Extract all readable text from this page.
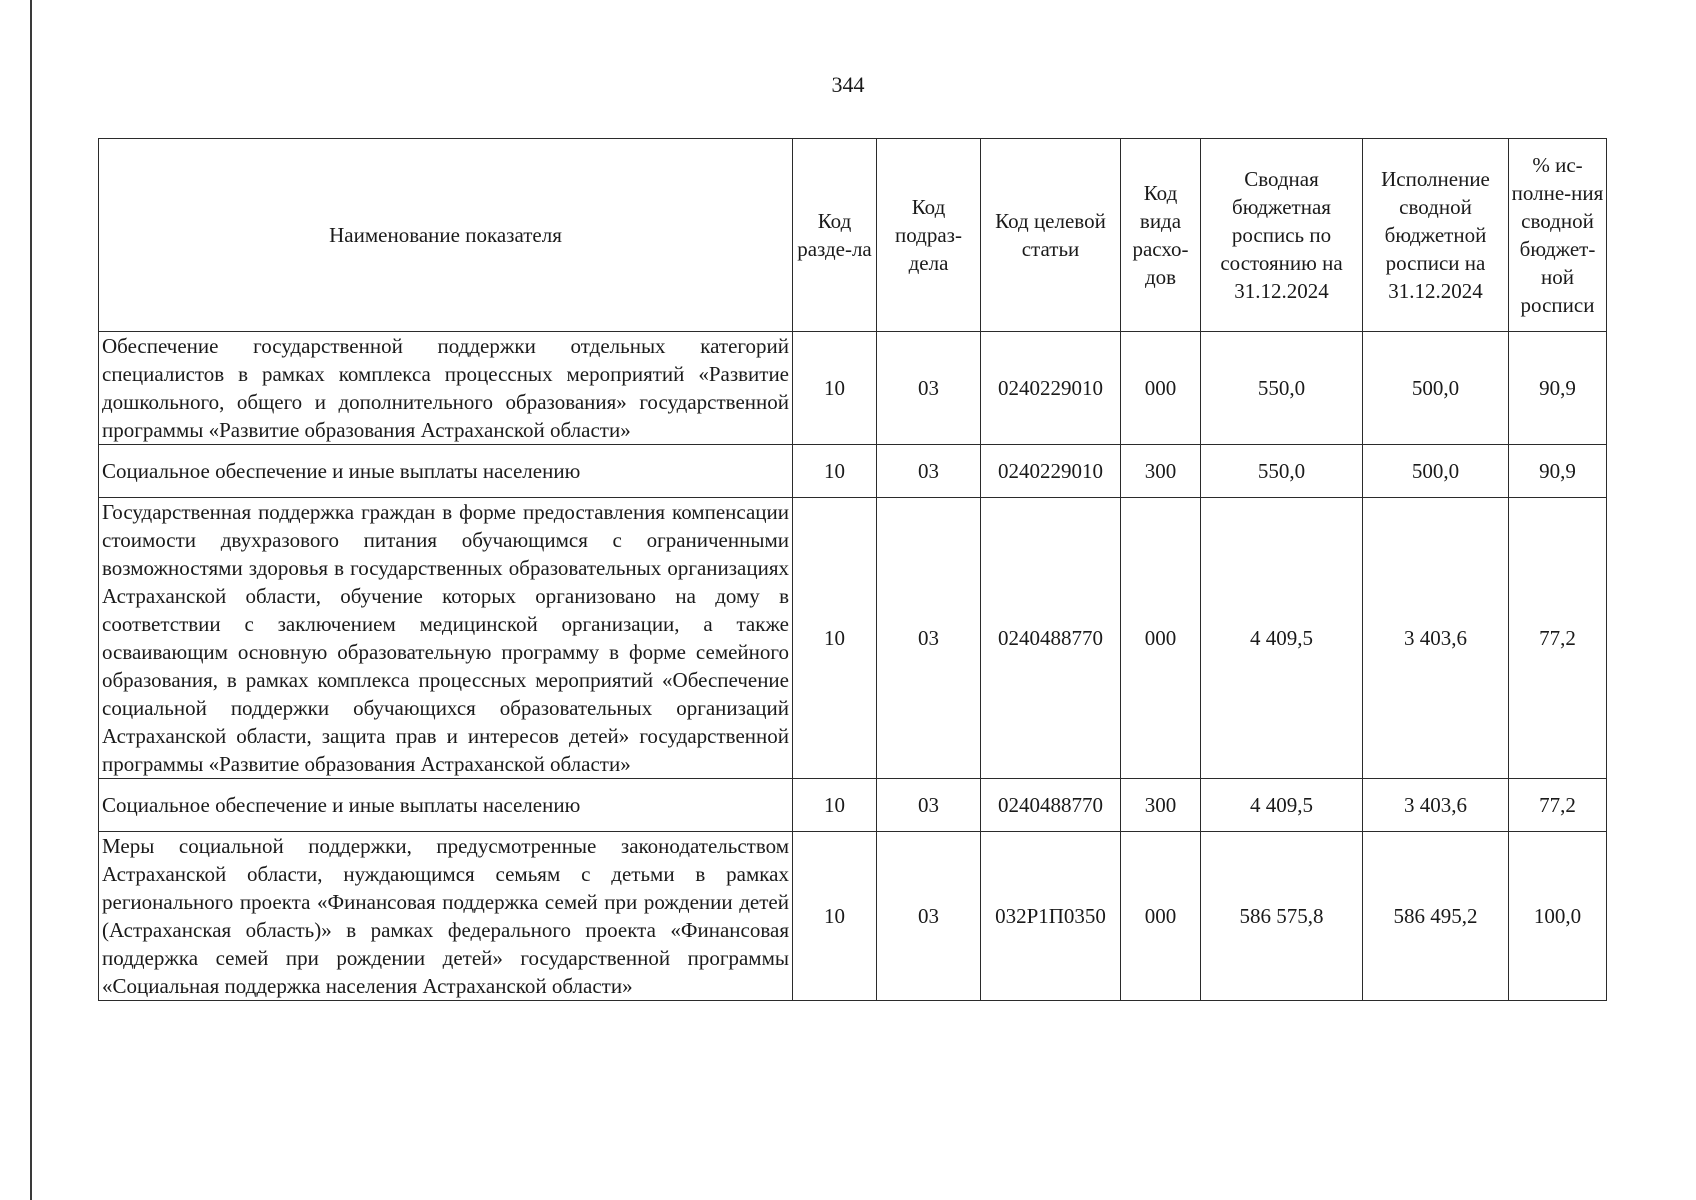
344
Наименование показателя	Код разде-ла	Код подраз-дела	Код целевой статьи	Код вида расхо-дов	Сводная бюджетная роспись по состоянию на 31.12.2024	Исполнение сводной бюджетной росписи на 31.12.2024	% ис-полне-ния сводной бюджет-ной росписи
Обеспечение государственной поддержки отдельных категорий специалистов в рамках комплекса процессных мероприятий «Развитие дошкольного, общего и дополнительного образования» государственной программы «Развитие образования Астраханской области»	10	03	0240229010	000	550,0	500,0	90,9
Социальное обеспечение и иные выплаты населению	10	03	0240229010	300	550,0	500,0	90,9
Государственная поддержка граждан в форме предоставления компенсации стоимости двухразового питания обучающимся с ограниченными возможностями здоровья в государственных образовательных организациях Астраханской области, обучение которых организовано на дому в соответствии с заключением медицинской организации, а также осваивающим основную образовательную программу в форме семейного образования, в рамках комплекса процессных мероприятий «Обеспечение социальной поддержки обучающихся образовательных организаций Астраханской области, защита прав и интересов детей» государственной программы «Развитие образования Астраханской области»	10	03	0240488770	000	4 409,5	3 403,6	77,2
Социальное обеспечение и иные выплаты населению	10	03	0240488770	300	4 409,5	3 403,6	77,2
Меры социальной поддержки, предусмотренные законодательством Астраханской области, нуждающимся семьям с детьми в рамках регионального проекта «Финансовая поддержка семей при рождении детей (Астраханская область)» в рамках федерального проекта «Финансовая поддержка семей при рождении детей» государственной программы «Социальная поддержка населения Астраханской области»	10	03	032Р1П0350	000	586 575,8	586 495,2	100,0
